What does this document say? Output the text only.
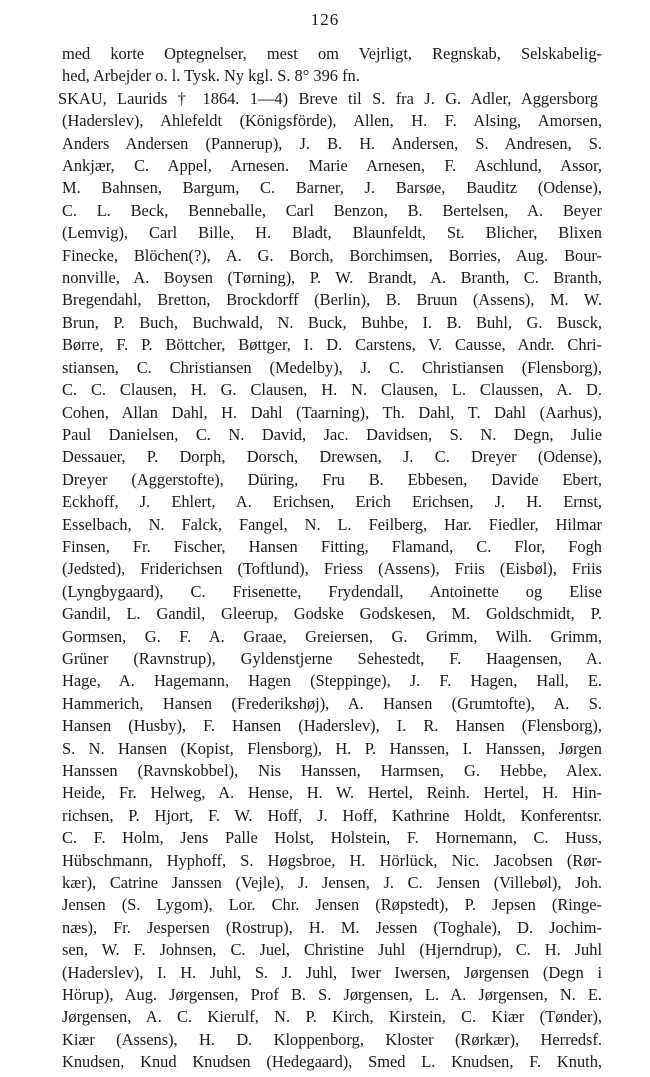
126
med korte Optegnelser, mest om Vejrligt, Regnskab, Selskabelig-
hed, Arbejder o. l. Tysk. Ny kgl. S. 8° 396 fn.
SKAU, Laurids † 1864. 1—4) Breve til S. fra J. G. Adler, Aggersborg
(Haderslev), Ahlefeldt (Königsförde), Allen, H. F. Alsing, Amorsen,
Anders Andersen (Pannerup), J. B. H. Andersen, S. Andresen, S.
Ankjær, C. Appel, Arnesen. Marie Arnesen, F. Aschlund, Assor,
M. Bahnsen, Bargum, C. Barner, J. Barsøe, Bauditz (Odense),
C. L. Beck, Benneballe, Carl Benzon, B. Bertelsen, A. Beyer
(Lemvig), Carl Bille, H. Bladt, Blaunfeldt, St. Blicher, Blixen
Finecke, Blöchen(?), A. G. Borch, Borchimsen, Borries, Aug. Bour-
nonville, A. Boysen (Tørning), P. W. Brandt, A. Branth, C. Branth,
Bregendahl, Bretton, Brockdorff (Berlin), B. Bruun (Assens), M. W.
Brun, P. Buch, Buchwald, N. Buck, Buhbe, I. B. Buhl, G. Busck,
Børre, F. P. Böttcher, Bøttger, I. D. Carstens, V. Causse, Andr. Chri-
stiansen, C. Christiansen (Medelby), J. C. Christiansen (Flensborg),
C. C. Clausen, H. G. Clausen, H. N. Clausen, L. Claussen, A. D.
Cohen, Allan Dahl, H. Dahl (Taarning), Th. Dahl, T. Dahl (Aarhus),
Paul Danielsen, C. N. David, Jac. Davidsen, S. N. Degn, Julie
Dessauer, P. Dorph, Dorsch, Drewsen, J. C. Dreyer (Odense),
Dreyer (Aggerstofte), Düring, Fru B. Ebbesen, Davide Ebert,
Eckhoff, J. Ehlert, A. Erichsen, Erich Erichsen, J. H. Ernst,
Esselbach, N. Falck, Fangel, N. L. Feilberg, Har. Fiedler, Hilmar
Finsen, Fr. Fischer, Hansen Fitting, Flamand, C. Flor, Fogh
(Jedsted), Friderichsen (Toftlund), Friess (Assens), Friis (Eisbøl), Friis
(Lyngbygaard), C. Frisenette, Frydendall, Antoinette og Elise
Gandil, L. Gandil, Gleerup, Godske Godskesen, M. Goldschmidt, P.
Gormsen, G. F. A. Graae, Greiersen, G. Grimm, Wilh. Grimm,
Grüner (Ravnstrup), Gyldenstjerne Sehestedt, F. Haagensen, A.
Hage, A. Hagemann, Hagen (Steppinge), J. F. Hagen, Hall, E.
Hammerich, Hansen (Frederikshøj), A. Hansen (Grumtofte), A. S.
Hansen (Husby), F. Hansen (Haderslev), I. R. Hansen (Flensborg),
S. N. Hansen (Kopist, Flensborg), H. P. Hanssen, I. Hanssen, Jørgen
Hanssen (Ravnskobbel), Nis Hanssen, Harmsen, G. Hebbe, Alex.
Heide, Fr. Helweg, A. Hense, H. W. Hertel, Reinh. Hertel, H. Hin-
richsen, P. Hjort, F. W. Hoff, J. Hoff, Kathrine Holdt, Konferentsr.
C. F. Holm, Jens Palle Holst, Holstein, F. Hornemann, C. Huss,
Hübschmann, Hyphoff, S. Høgsbroe, H. Hörlück, Nic. Jacobsen (Rør-
kær), Catrine Janssen (Vejle), J. Jensen, J. C. Jensen (Villebøl), Joh.
Jensen (S. Lygom), Lor. Chr. Jensen (Røpstedt), P. Jepsen (Ringe-
næs), Fr. Jespersen (Rostrup), H. M. Jessen (Toghale), D. Jochim-
sen, W. F. Johnsen, C. Juel, Christine Juhl (Hjerndrup), C. H. Juhl
(Haderslev), I. H. Juhl, S. J. Juhl, Iwer Iwersen, Jørgensen (Degn i
Hörup), Aug. Jørgensen, Prof B. S. Jørgensen, L. A. Jørgensen, N. E.
Jørgensen, A. C. Kierulf, N. P. Kirch, Kirstein, C. Kiær (Tønder),
Kiær (Assens), H. D. Kloppenborg, Kloster (Rørkær), Herredsf.
Knudsen, Knud Knudsen (Hedegaard), Smed L. Knudsen, F. Knuth,
